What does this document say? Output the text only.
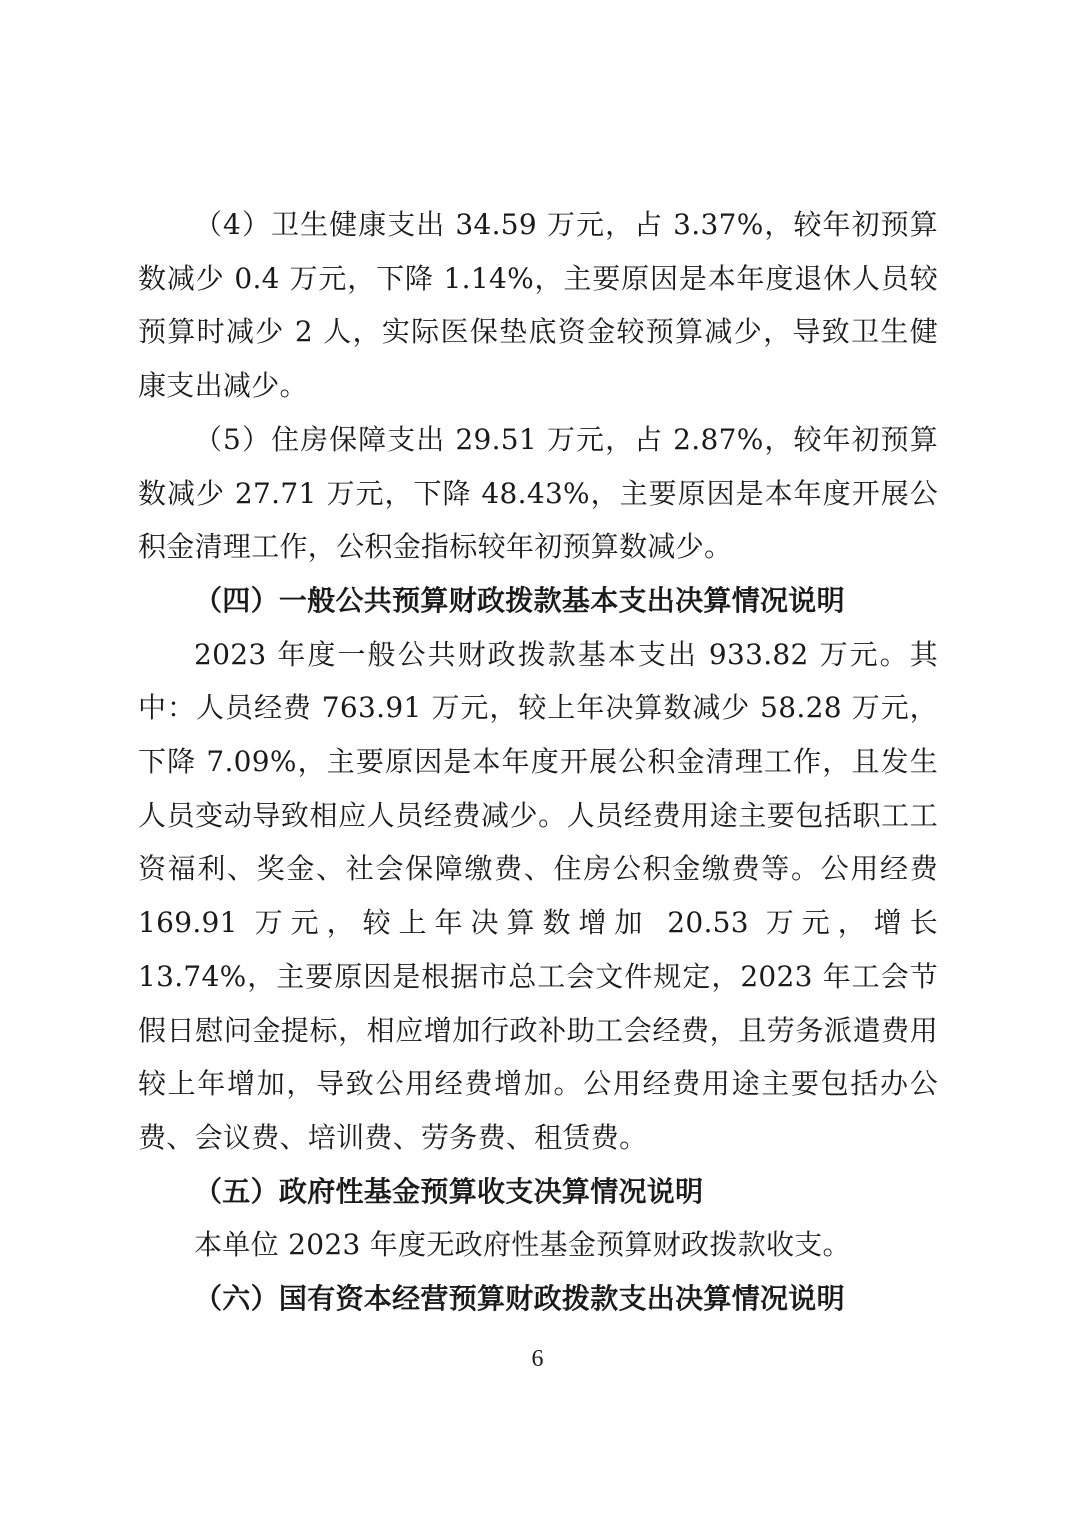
（4）卫生健康支出 34.59 万元，占 3.37%，较年初预算数减少 0.4 万元，下降 1.14%，主要原因是本年度退休人员较预算时减少 2 人，实际医保垫底资金较预算减少，导致卫生健康支出减少。

（5）住房保障支出 29.51 万元，占 2.87%，较年初预算数减少 27.71 万元，下降 48.43%，主要原因是本年度开展公积金清理工作，公积金指标较年初预算数减少。

（四）一般公共预算财政拨款基本支出决算情况说明

2023 年度一般公共财政拨款基本支出 933.82 万元。其中：人员经费 763.91 万元，较上年决算数减少 58.28 万元，下降 7.09%，主要原因是本年度开展公积金清理工作，且发生人员变动导致相应人员经费减少。人员经费用途主要包括职工工资福利、奖金、社会保障缴费、住房公积金缴费等。公用经费 169.91 万元，较上年决算数增加 20.53 万元，增长 13.74%，主要原因是根据市总工会文件规定，2023 年工会节假日慰问金提标，相应增加行政补助工会经费，且劳务派遣费用较上年增加，导致公用经费增加。公用经费用途主要包括办公费、会议费、培训费、劳务费、租赁费。

（五）政府性基金预算收支决算情况说明

本单位 2023 年度无政府性基金预算财政拨款收支。

（六）国有资本经营预算财政拨款支出决算情况说明

6
